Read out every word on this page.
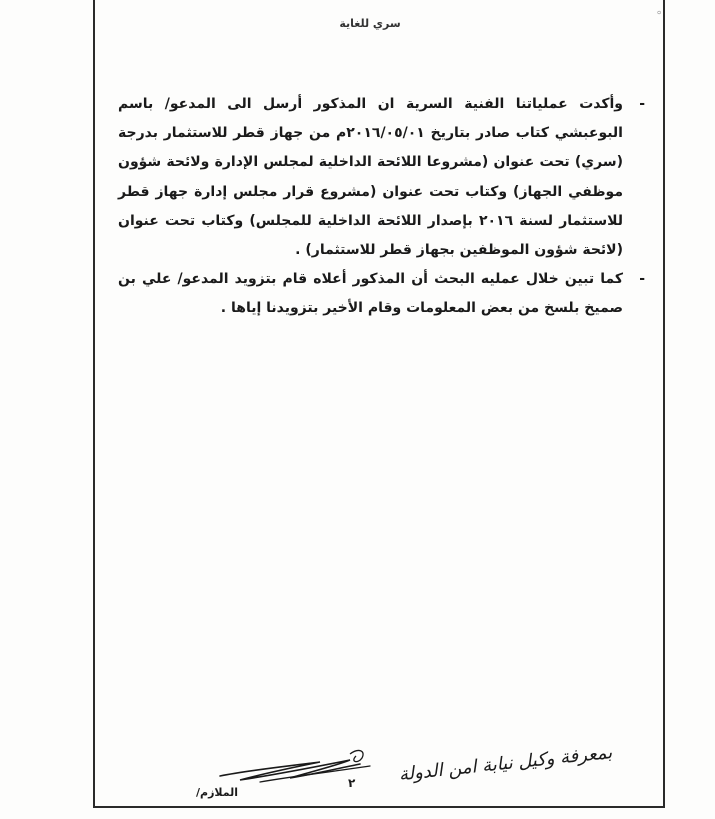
◦
سري للغاية

-
وأكدت عملياتنا الفنية السرية ان المذكور أرسل الى المدعو/ باسم البوعبشي كتاب صادر بتاريخ ٢٠١٦/٠٥/٠١م من جهاز قطر للاستثمار بدرجة (سري) تحت عنوان (مشروعا اللائحة الداخلية لمجلس الإدارة ولائحة شؤون موظفي الجهاز) وكتاب تحت عنوان (مشروع قرار مجلس إدارة جهاز قطر للاستثمار لسنة ٢٠١٦ بإصدار اللائحة الداخلية للمجلس) وكتاب تحت عنوان (لائحة شؤون الموظفين بجهاز قطر للاستثمار) .

-
كما تبين خلال عمليه البحث أن المذكور أعلاه قام بتزويد المدعو/ علي بن صميخ بلسخ من بعض المعلومات وقام الأخير بتزويدنا إياها .

بمعرفة وكيل نيابة امن الدولة
٢
الملازم/
